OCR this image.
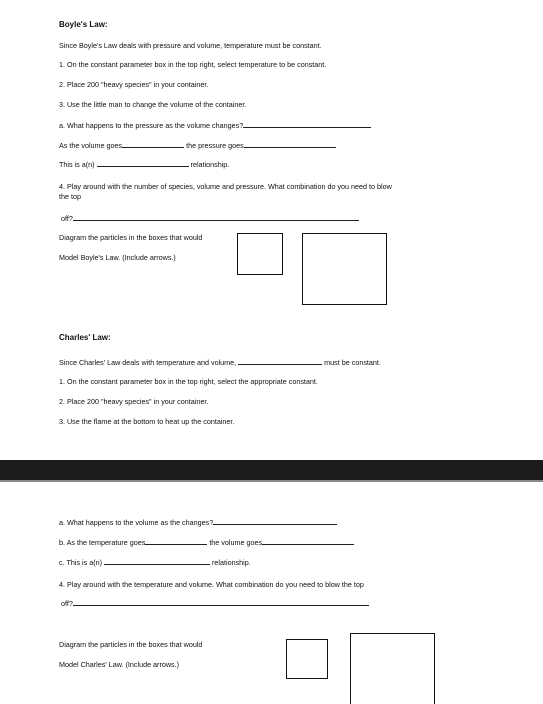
Boyle's Law:
Since Boyle's Law deals with pressure and volume, temperature must be constant.
1. On the constant parameter box in the top right, select temperature to be constant.
2. Place 200 "heavy species" in your container.
3. Use the little man to change the volume of the container.
a. What happens to the pressure as the volume changes?
As the volume goes	the pressure goes
This is a(n)	relationship.
4. Play around with the number of species, volume and pressure. What combination do you need to blow
the top
off?
Diagram the particles in the boxes that would
Model Boyle's Law. (Include arrows.)
Charles' Law:
Since Charles' Law deals with temperature and volume,	must be constant.
1. On the constant parameter box in the top right, select the appropriate constant.
2. Place 200 "heavy species" in your container.
3. Use the flame at the bottom to heat up the container.
a. What happens to the volume as the changes?
b. As the temperature goes	the volume goes
c. This is a(n)	relationship.
4. Play around with the temperature and volume. What combination do you need to blow the top
off?
Diagram the particles in the boxes that would
Model Charles' Law. (Include arrows.)
